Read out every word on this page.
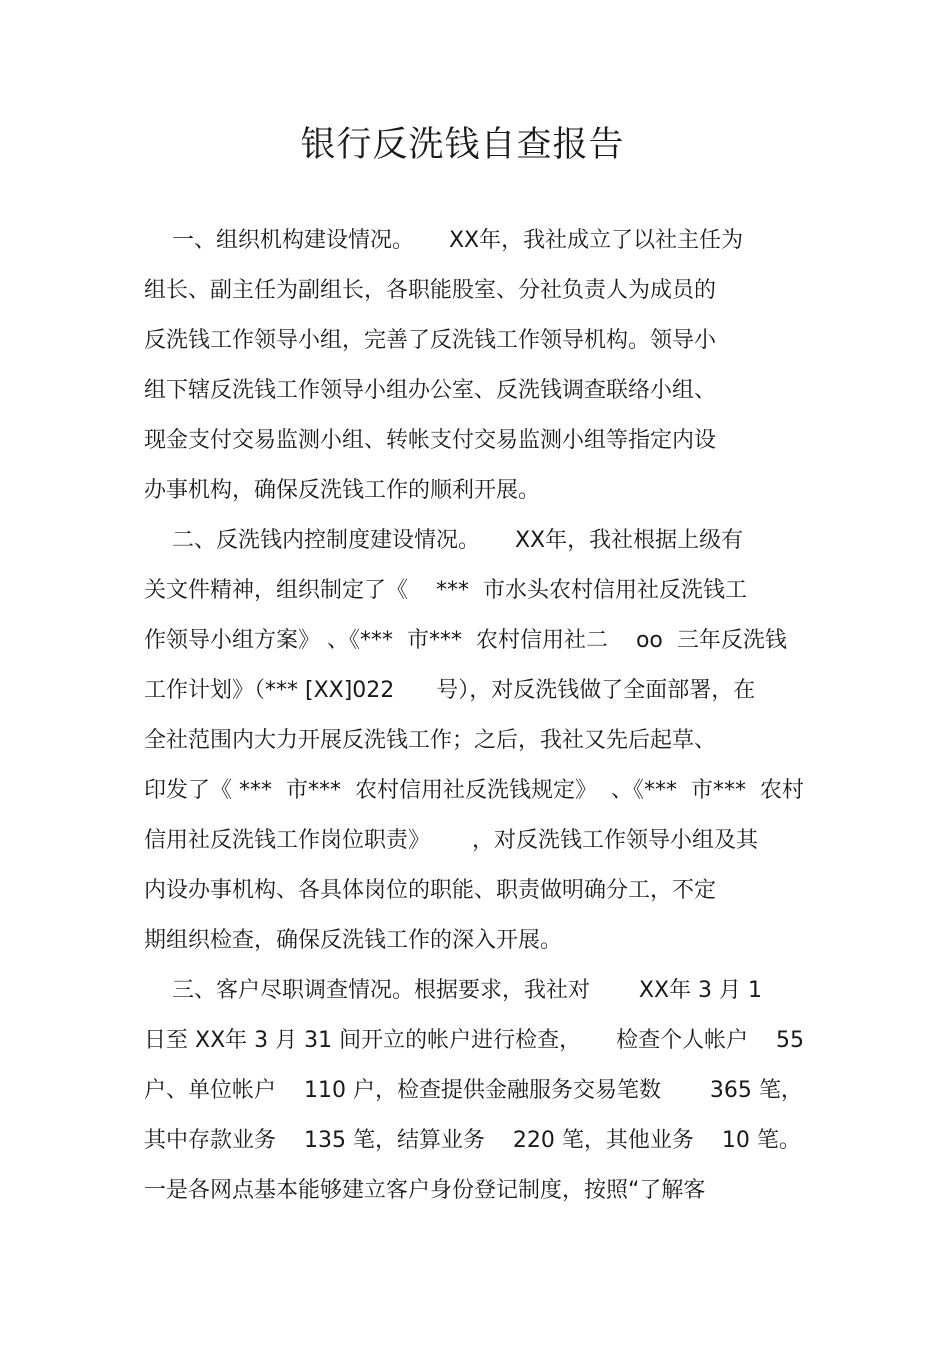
银行反洗钱自查报告

一、组织机构建设情况。     XX年，我社成立了以社主任为

组长、副主任为副组长，各职能股室、分社负责人为成员的

反洗钱工作领导小组，完善了反洗钱工作领导机构。领导小

组下辖反洗钱工作领导小组办公室、反洗钱调查联络小组、

现金支付交易监测小组、转帐支付交易监测小组等指定内设

办事机构，确保反洗钱工作的顺利开展。

二、反洗钱内控制度建设情况。     XX年，我社根据上级有

关文件精神，组织制定了《    ***  市水头农村信用社反洗钱工

作领导小组方案》 、《***  市***  农村信用社二    oo  三年反洗钱

工作计划》（*** [XX]022      号），对反洗钱做了全面部署，在

全社范围内大力开展反洗钱工作；之后，我社又先后起草、

印发了《 ***  市***  农村信用社反洗钱规定》  、《***  市***  农村

信用社反洗钱工作岗位职责》      ，对反洗钱工作领导小组及其

内设办事机构、各具体岗位的职能、职责做明确分工，不定

期组织检查，确保反洗钱工作的深入开展。

三、客户尽职调查情况。根据要求，我社对       XX年 3 月 1

日至 XX年 3 月 31 间开立的帐户进行检查，     检查个人帐户    55

户、单位帐户    110 户，检查提供金融服务交易笔数       365 笔，

其中存款业务    135 笔，结算业务    220 笔，其他业务    10 笔。

一是各网点基本能够建立客户身份登记制度，按照“了解客
